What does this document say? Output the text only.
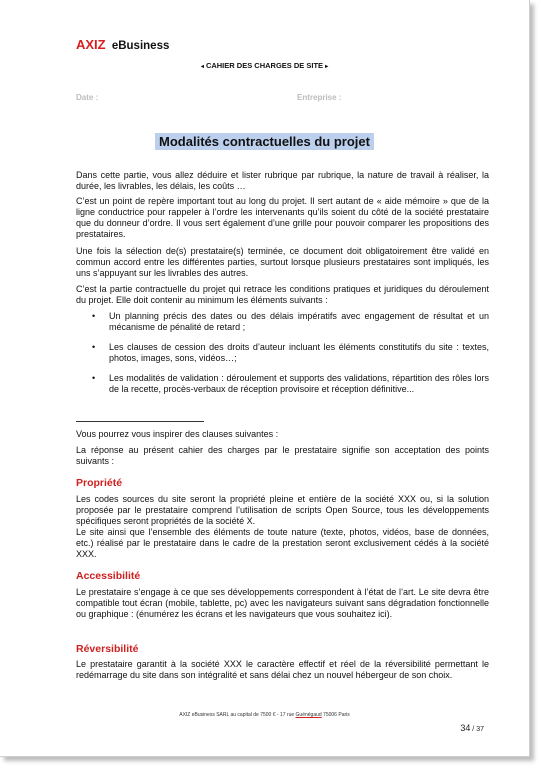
AXIZ eBusiness
◂ CAHIER DES CHARGES DE SITE ▸
Date :	Entreprise :
Modalités contractuelles du projet

Dans cette partie, vous allez déduire et lister rubrique par rubrique, la nature de travail à réaliser, la durée, les livrables, les délais, les coûts …

C’est un point de repère important tout au long du projet. Il sert autant de « aide mémoire » que de la ligne conductrice pour rappeler à l’ordre les intervenants qu’ils soient du côté de la société prestataire que du donneur d’ordre. Il vous sert également d’une grille pour pouvoir comparer les propositions des prestataires.

Une fois la sélection de(s) prestataire(s) terminée, ce document doit obligatoirement être validé en commun accord entre les différentes parties, surtout lorsque plusieurs prestataires sont impliqués, les uns s’appuyant sur les livrables des autres.

C’est la partie contractuelle du projet qui retrace les conditions pratiques et juridiques du déroulement du projet. Elle doit contenir au minimum les éléments suivants :

• Un planning précis des dates ou des délais impératifs avec engagement de résultat et un mécanisme de pénalité de retard ;
• Les clauses de cession des droits d’auteur incluant les éléments constitutifs du site : textes, photos, images, sons, vidéos…;
• Les modalités de validation : déroulement et supports des validations, répartition des rôles lors de la recette, procès-verbaux de réception provisoire et réception définitive...

Vous pourrez vous inspirer des clauses suivantes :

La réponse au présent cahier des charges par le prestataire signifie son acceptation des points suivants :

Propriété

Les codes sources du site seront la propriété pleine et entière de la société XXX ou, si la solution proposée par le prestataire comprend l’utilisation de scripts Open Source, tous les développements spécifiques seront propriétés de la société X.

Le site ainsi que l’ensemble des éléments de toute nature (texte, photos, vidéos, base de données, etc.) réalisé par le prestataire dans le cadre de la prestation seront exclusivement cédés à la société XXX.

Accessibilité

Le prestataire s’engage à ce que ses développements correspondent à l’état de l’art. Le site devra être compatible tout écran (mobile, tablette, pc) avec les navigateurs suivant sans dégradation fonctionnelle ou graphique : (énumérez les écrans et les navigateurs que vous souhaitez ici).

Réversibilité

Le prestataire garantit à la société XXX le caractère effectif et réel de la réversibilité permettant le redémarrage du site dans son intégralité et sans délai chez un nouvel hébergeur de son choix.

AXIZ eBusiness SARL au capital de 7500 € - 17 rue Guénégaud 75006 Paris
34 / 37
